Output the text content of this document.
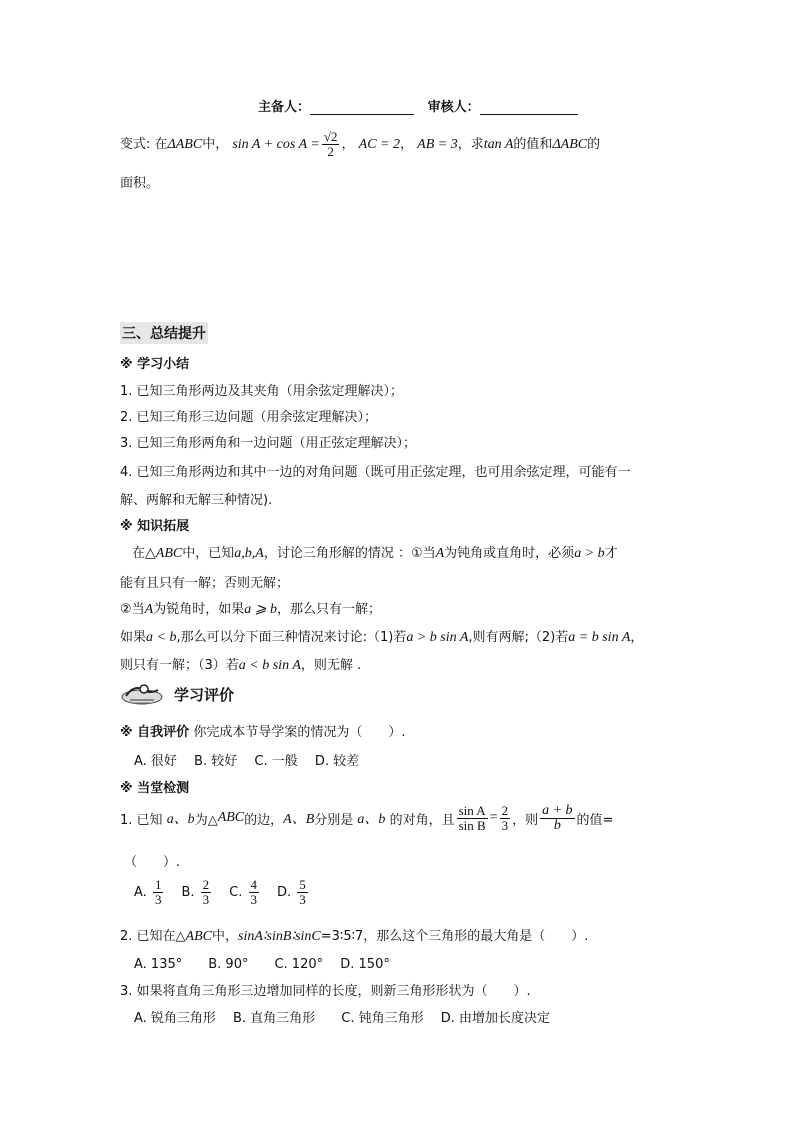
主备人：	审核人：
变式: 在ΔABC中， $\sin A + \cos A = \frac{√2}{2}$ ， AC = 2， AB = 3，求tan A的值和ΔABC的
面积。
三、总结提升
※ 学习小结
1. 已知三角形两边及其夹角（用余弦定理解决）；
2. 已知三角形三边问题（用余弦定理解决）；
3. 已知三角形两角和一边问题（用正弦定理解决）；
4. 已知三角形两边和其中一边的对角问题（既可用正弦定理，也可用余弦定理，可能有一
解、两解和无解三种情况).
※ 知识拓展
在△ABC中，已知a,b,A，讨论三角形解的情况 ：①当A为钝角或直角时，必须a > b才
能有且只有一解；否则无解；
②当A为锐角时，如果a ⩾ b，那么只有一解；
如果a < b,那么可以分下面三种情况来讨论:（1)若a > b sin A,则有两解;（2)若a = b sin A，
则只有一解；（3）若a < b sin A，则无解 .
学习评价
※ 自我评价 你完成本节导学案的情况为（　　）.
A. 很好　 B. 较好　 C. 一般　 D. 较差
※ 当堂检测
1. 已知
a、b 为△ ABC 的边， A、B 分别是
a、b
的对角，且 $\frac{\text{sin A}}{\text{sin B}} = \frac{2}{3}$ ，则 $\frac{a + b}{b}$ 的值=
（　　）.
A.
$\frac{1}{3} B$.
$\frac{2}{3} C$.
$\frac{4}{3} D$.
$\frac{5}{3}$
2. 已知在△ABC中，sinA∶sinB∶sinC=3∶5∶7，那么这个三角形的最大角是（　　）.
A. 135°　　B. 90°　　C. 120°　 D. 150°
3. 如果将直角三角形三边增加同样的长度，则新三角形形状为（　　）.
A. 锐角三角形　 B. 直角三角形　　C. 钝角三角形　 D. 由增加长度决定
